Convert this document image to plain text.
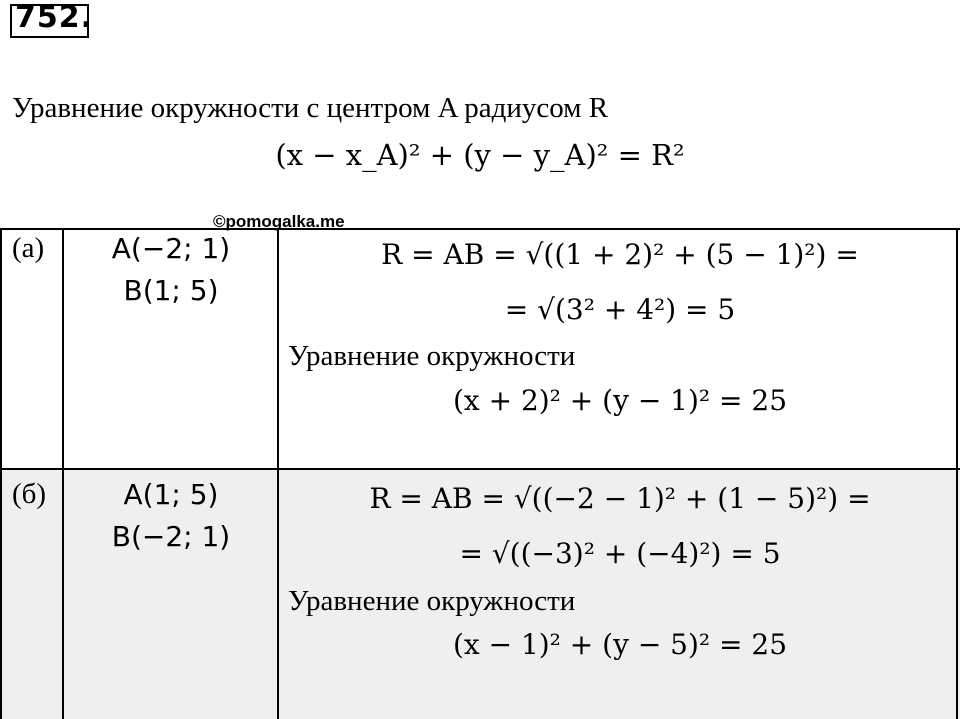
752.
Уравнение окружности с центром A радиусом R
(x − x_A)² + (y − y_A)² = R²
©pomogalka.me
(а)	A(−2; 1)
B(1; 5)
R = AB = √((1 + 2)² + (5 − 1)²) =
= √(3² + 4²) = 5
Уравнение окружности
(x + 2)² + (y − 1)² = 25
(б)	A(1; 5)
B(−2; 1)
R = AB = √((−2 − 1)² + (1 − 5)²) =
= √((−3)² + (−4)²) = 5
Уравнение окружности
(x − 1)² + (y − 5)² = 25
